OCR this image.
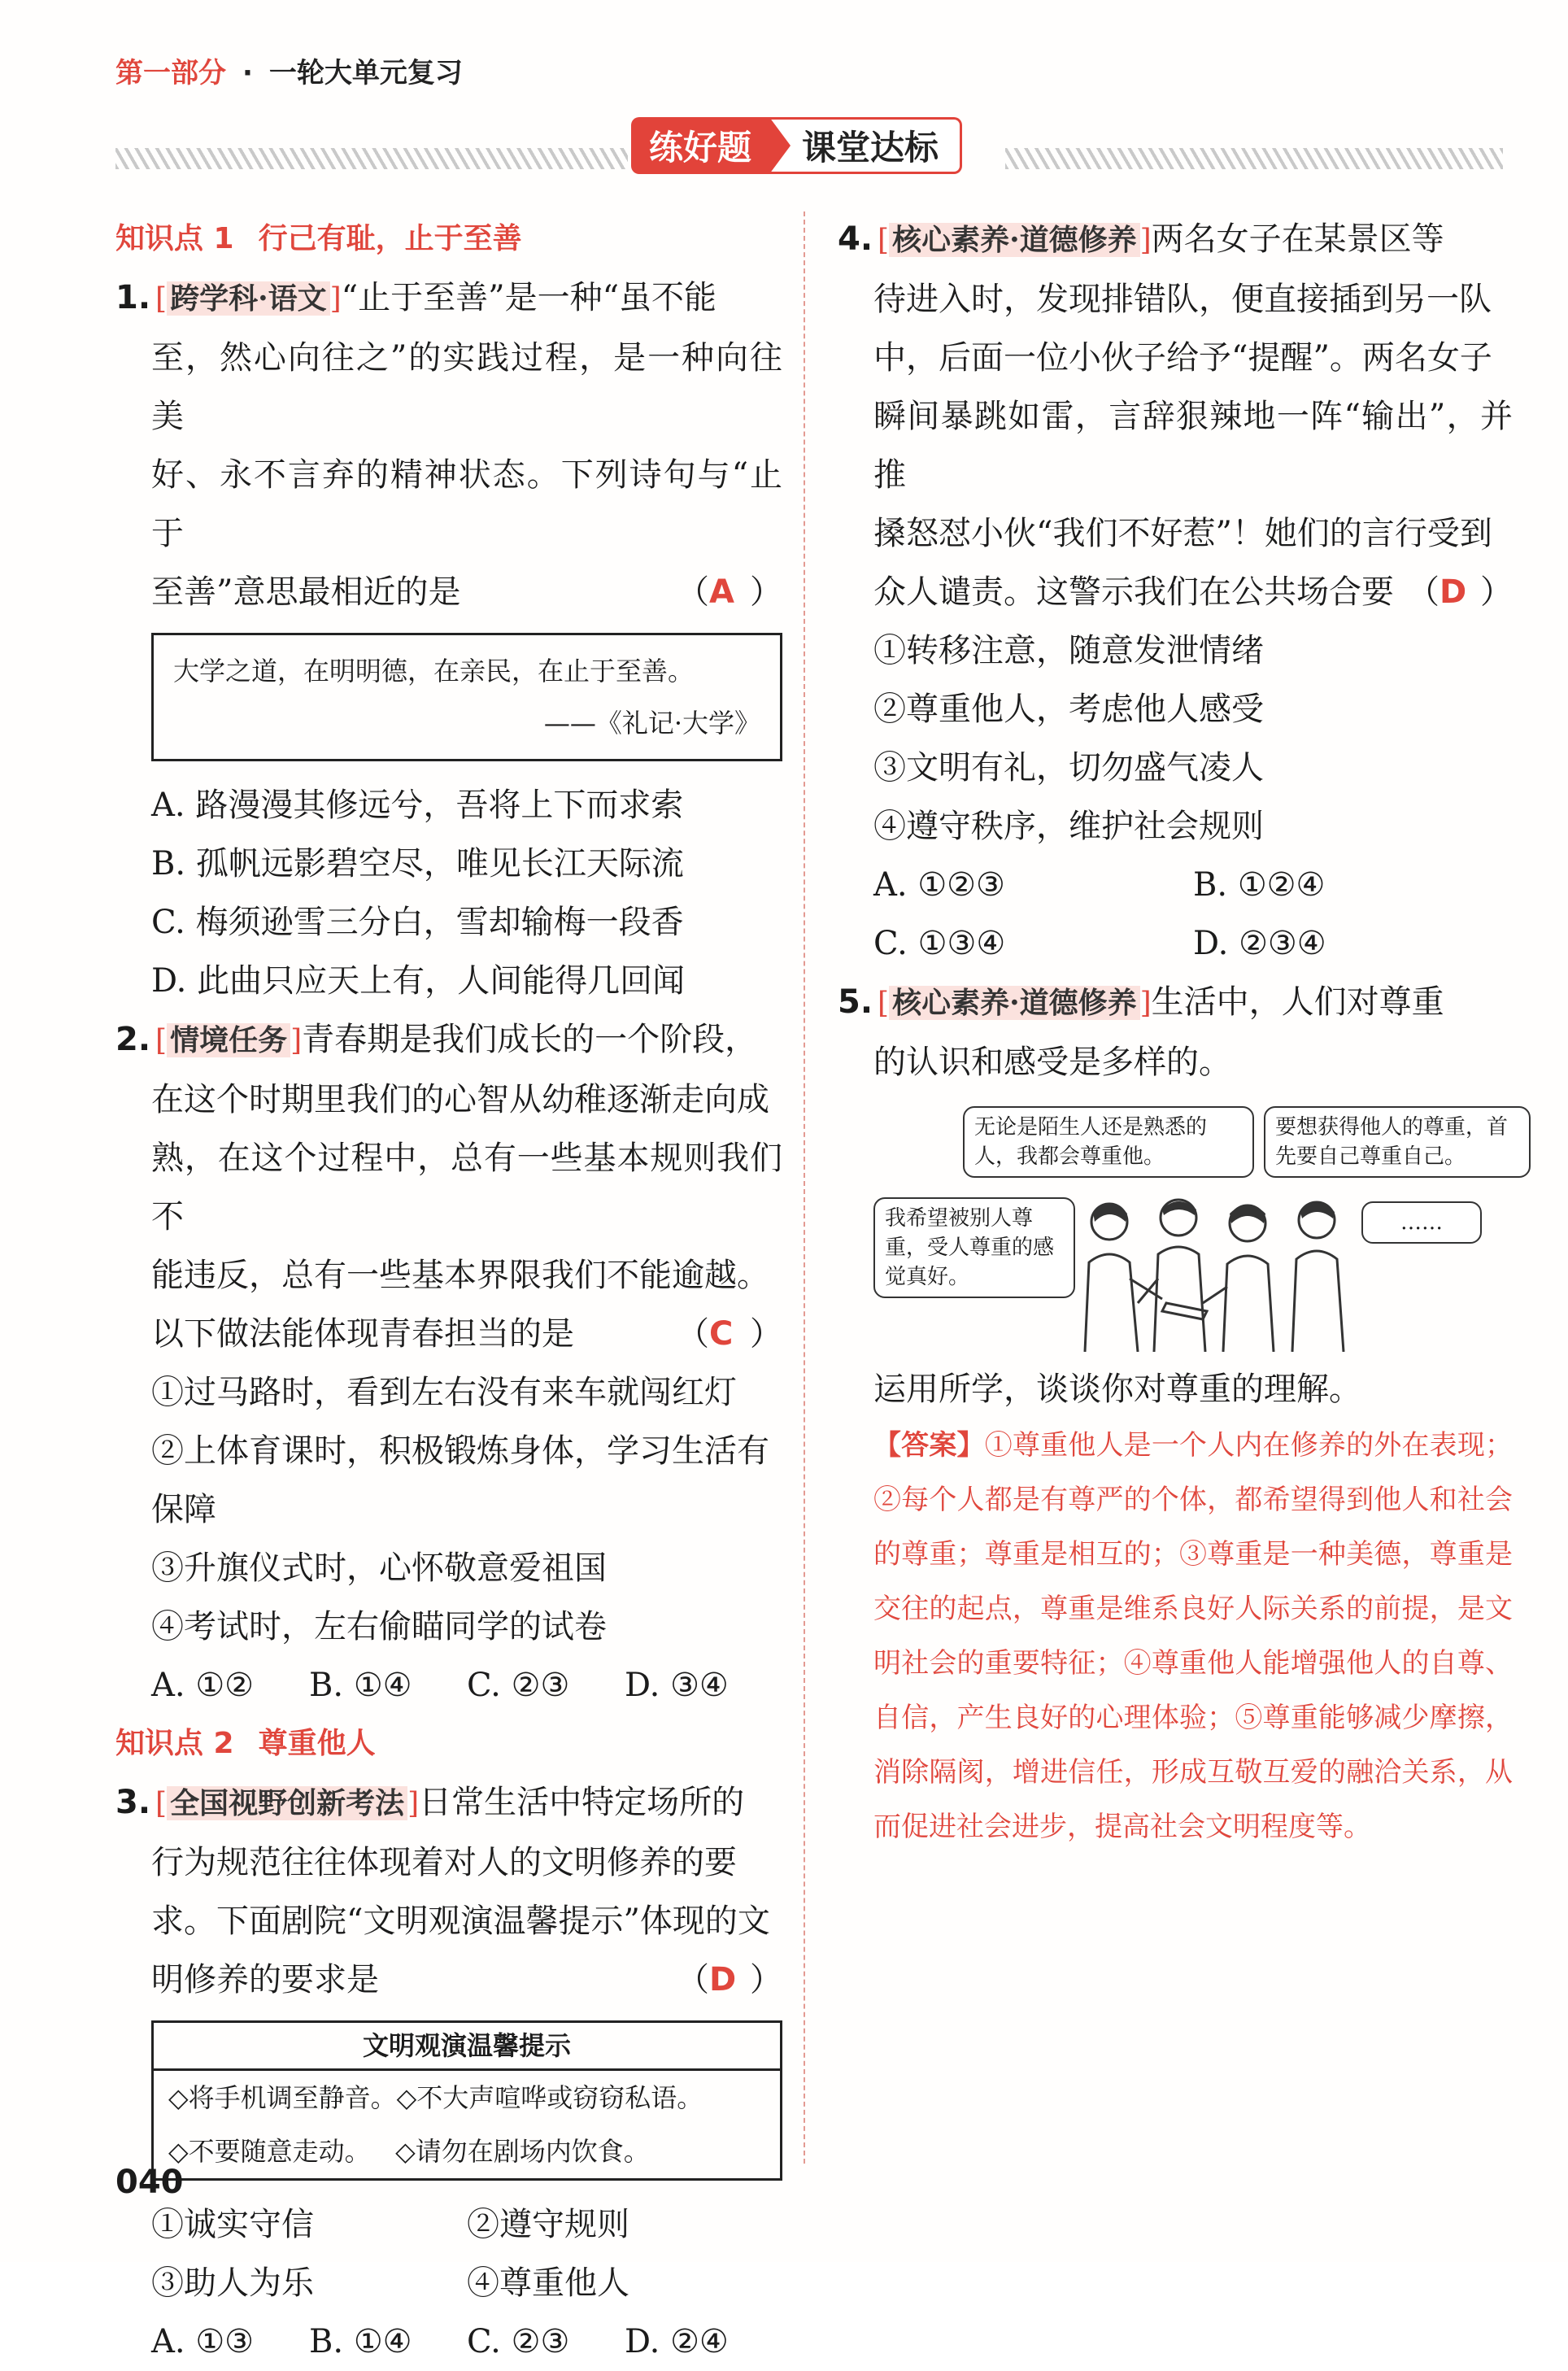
第一部分 · 一轮大单元复习
练好题	课堂达标

知识点 1 行己有耻，止于至善

1. [ 跨学科·语文 ]“止于至善”是一种“虽不能

至，然心向往之”的实践过程，是一种向往美

好、永不言弃的精神状态。下列诗句与“止于

至善”意思最相近的是	（A ）

大学之道，在明明德，在亲民，在止于至善。
——《礼记·大学》

A. 路漫漫其修远兮，吾将上下而求索

B. 孤帆远影碧空尽，唯见长江天际流

C. 梅须逊雪三分白，雪却输梅一段香

D. 此曲只应天上有，人间能得几回闻

2. [ 情境任务 ]青春期是我们成长的一个阶段，

在这个时期里我们的心智从幼稚逐渐走向成

熟，在这个过程中，总有一些基本规则我们不

能违反，总有一些基本界限我们不能逾越。

以下做法能体现青春担当的是	（C ）

①过马路时，看到左右没有来车就闯红灯

②上体育课时，积极锻炼身体，学习生活有保障

③升旗仪式时，心怀敬意爱祖国

④考试时，左右偷瞄同学的试卷

A. ①②	B. ①④	C. ②③	D. ③④

知识点 2 尊重他人

3. [ 全国视野创新考法 ]日常生活中特定场所的

行为规范往往体现着对人的文明修养的要

求。下面剧院“文明观演温馨提示”体现的文

明修养的要求是	（D ）

文明观演温馨提示
◇将手机调至静音。◇不大声喧哗或窃窃私语。
◇不要随意走动。 ◇请勿在剧场内饮食。
①诚实守信	②遵守规则
③助人为乐	④尊重他人
A. ①③	B. ①④	C. ②③	D. ②④

4. [ 核心素养·道德修养 ]两名女子在某景区等

待进入时，发现排错队，便直接插到另一队

中，后面一位小伙子给予“提醒”。两名女子

瞬间暴跳如雷，言辞狠辣地一阵“输出”，并推

搡怒怼小伙“我们不好惹”！她们的言行受到

众人谴责。这警示我们在公共场合要 （D ）

①转移注意，随意发泄情绪

②尊重他人，考虑他人感受

③文明有礼，切勿盛气凌人

④遵守秩序，维护社会规则

A. ①②③	B. ①②④
C. ①③④	D. ②③④

5. [ 核心素养·道德修养 ]生活中，人们对尊重

的认识和感受是多样的。

无论是陌生人还是熟悉的人，我都会尊重他。
要想获得他人的尊重，首先要自己尊重自己。
我希望被别人尊重，受人尊重的感觉真好。
……

运用所学，谈谈你对尊重的理解。

【答案】①尊重他人是一个人内在修养的外在表现；②每个人都是有尊严的个体，都希望得到他人和社会的尊重；尊重是相互的；③尊重是一种美德，尊重是交往的起点，尊重是维系良好人际关系的前提，是文明社会的重要特征；④尊重他人能增强他人的自尊、自信，产生良好的心理体验；⑤尊重能够减少摩擦，消除隔阂，增进信任，形成互敬互爱的融洽关系，从而促进社会进步，提高社会文明程度等。

040
